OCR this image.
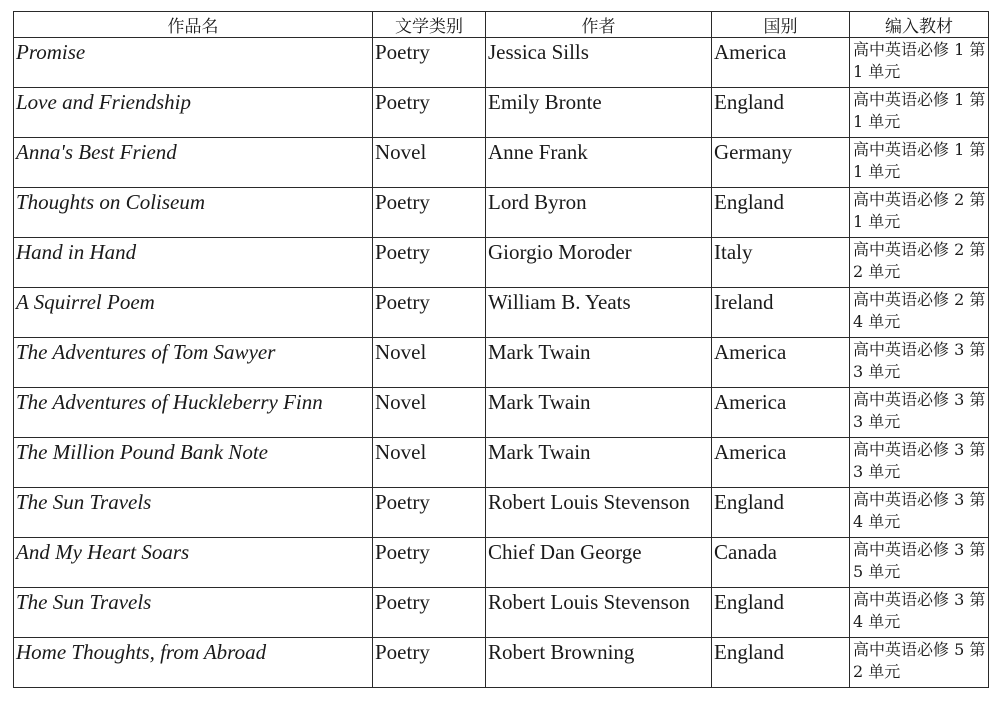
作品名	文学类别	作者	国别	编入教材
Promise	Poetry	Jessica Sills	America	高中英语必修 1 第 1 单元
Love and Friendship	Poetry	Emily Bronte	England	高中英语必修 1 第 1 单元
Anna's Best Friend	Novel	Anne Frank	Germany	高中英语必修 1 第 1 单元
Thoughts on Coliseum	Poetry	Lord Byron	England	高中英语必修 2 第 1 单元
Hand in Hand	Poetry	Giorgio Moroder	Italy	高中英语必修 2 第 2 单元
A Squirrel Poem	Poetry	William B. Yeats	Ireland	高中英语必修 2 第 4 单元
The Adventures of Tom Sawyer	Novel	Mark Twain	America	高中英语必修 3 第 3 单元
The Adventures of Huckleberry Finn	Novel	Mark Twain	America	高中英语必修 3 第 3 单元
The Million Pound Bank Note	Novel	Mark Twain	America	高中英语必修 3 第 3 单元
The Sun Travels	Poetry	Robert Louis Stevenson	England	高中英语必修 3 第 4 单元
And My Heart Soars	Poetry	Chief Dan George	Canada	高中英语必修 3 第 5 单元
The Sun Travels	Poetry	Robert Louis Stevenson	England	高中英语必修 3 第 4 单元
Home Thoughts, from Abroad	Poetry	Robert Browning	England	高中英语必修 5 第 2 单元
